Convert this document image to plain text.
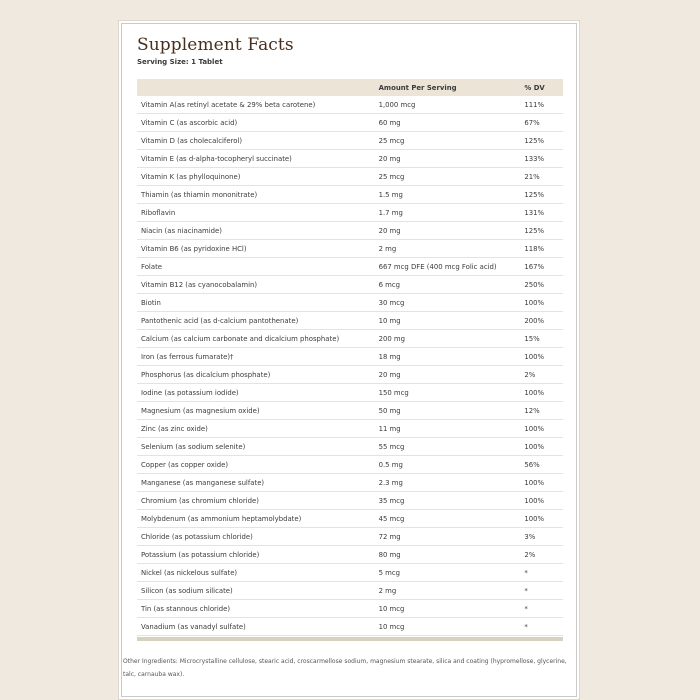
Supplement Facts
Serving Size: 1 Tablet
	Amount Per Serving	% DV
Vitamin A(as retinyl acetate & 29% beta carotene)	1,000 mcg	111%
Vitamin C (as ascorbic acid)	60 mg	67%
Vitamin D (as cholecalciferol)	25 mcg	125%
Vitamin E (as d-alpha-tocopheryl succinate)	20 mg	133%
Vitamin K (as phylloquinone)	25 mcg	21%
Thiamin (as thiamin mononitrate)	1.5 mg	125%
Riboflavin	1.7 mg	131%
Niacin (as niacinamide)	20 mg	125%
Vitamin B6 (as pyridoxine HCl)	2 mg	118%
Folate	667 mcg DFE (400 mcg Folic acid)	167%
Vitamin B12 (as cyanocobalamin)	6 mcg	250%
Biotin	30 mcg	100%
Pantothenic acid (as d-calcium pantothenate)	10 mg	200%
Calcium (as calcium carbonate and dicalcium phosphate)	200 mg	15%
Iron (as ferrous fumarate)†	18 mg	100%
Phosphorus (as dicalcium phosphate)	20 mg	2%
Iodine (as potassium iodide)	150 mcg	100%
Magnesium (as magnesium oxide)	50 mg	12%
Zinc (as zinc oxide)	11 mg	100%
Selenium (as sodium selenite)	55 mcg	100%
Copper (as copper oxide)	0.5 mg	56%
Manganese (as manganese sulfate)	2.3 mg	100%
Chromium (as chromium chloride)	35 mcg	100%
Molybdenum (as ammonium heptamolybdate)	45 mcg	100%
Chloride (as potassium chloride)	72 mg	3%
Potassium (as potassium chloride)	80 mg	2%
Nickel (as nickelous sulfate)	5 mcg	*
Silicon (as sodium silicate)	2 mg	*
Tin (as stannous chloride)	10 mcg	*
Vanadium (as vanadyl sulfate)	10 mcg	*
Other Ingredients: Microcrystalline cellulose, stearic acid, croscarmellose sodium, magnesium stearate, silica and coating (hypromellose, glycerine, talc, carnauba wax).
